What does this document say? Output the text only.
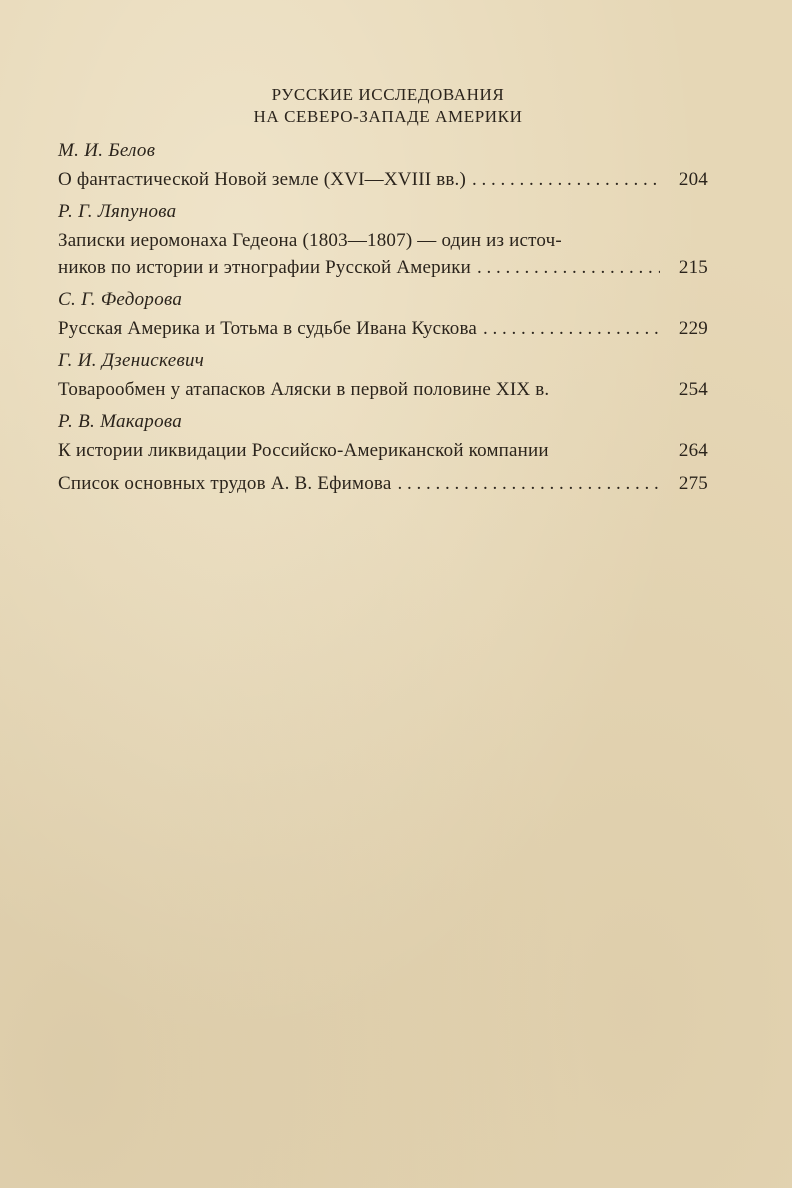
РУССКИЕ ИССЛЕДОВАНИЯ
НА СЕВЕРО-ЗАПАДЕ АМЕРИКИ
М. И. Белов
О фантастической Новой земле (XVI—XVIII вв.) . . .	204
Р. Г. Ляпунова
Записки иеромонаха Гедеона (1803—1807) — один из источ-
ников по истории и этнографии Русской Америки . . .	215
С. Г. Федорова
Русская Америка и Тотьма в судьбе Ивана Кускова . . .	229
Г. И. Дзенискевич
Товарообмен у атапасков Аляски в первой половине XIX в.	254
Р. В. Макарова
К истории ликвидации Российско-Американской компании	264
Список основных трудов А. В. Ефимова . . .	275
